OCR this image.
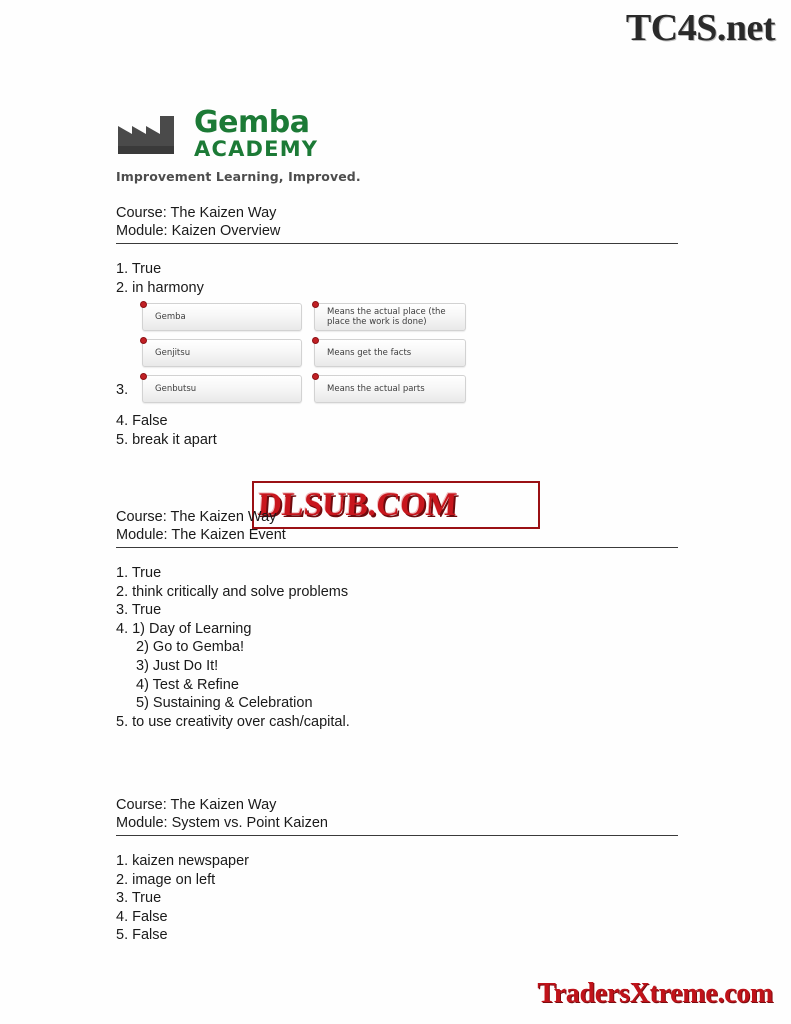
TC4S.net
Gemba
ACADEMY
Improvement Learning, Improved.
Course: The Kaizen Way
Module: Kaizen Overview
1. True
2. in harmony
3.
Gemba	Means the actual place (the place the work is done)
Genjitsu	Means get the facts
Genbutsu	Means the actual parts
4. False
5. break it apart
DLSUB.COM
Course: The Kaizen Way
Module: The Kaizen Event
1. True
2. think critically and solve problems
3. True
4. 1) Day of Learning
2) Go to Gemba!
3) Just Do It!
4) Test & Refine
5) Sustaining & Celebration
5. to use creativity over cash/capital.
Course: The Kaizen Way
Module: System vs. Point Kaizen
1. kaizen newspaper
2. image on left
3. True
4. False
5. False
TradersXtreme.com
